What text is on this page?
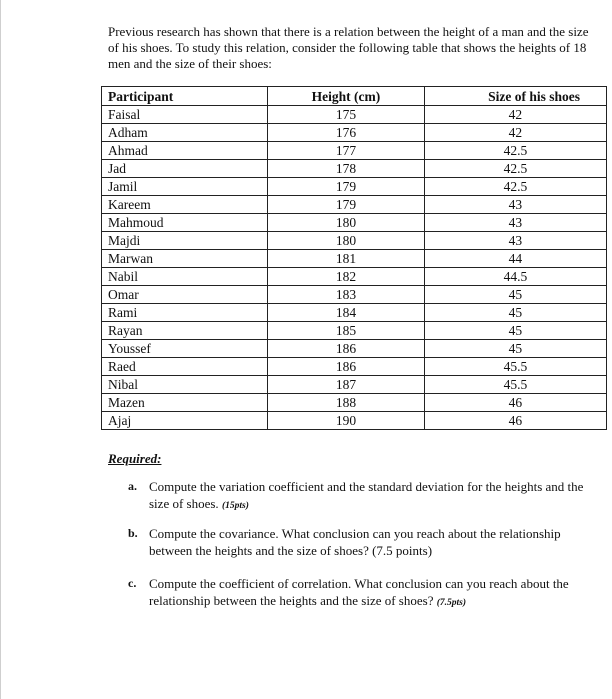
Previous research has shown that there is a relation between the height of a man and the size of his shoes. To study this relation, consider the following table that shows the heights of 18 men and the size of their shoes:
Participant	Height (cm)	Size of his shoes
Faisal	175	42
Adham	176	42
Ahmad	177	42.5
Jad	178	42.5
Jamil	179	42.5
Kareem	179	43
Mahmoud	180	43
Majdi	180	43
Marwan	181	44
Nabil	182	44.5
Omar	183	45
Rami	184	45
Rayan	185	45
Youssef	186	45
Raed	186	45.5
Nibal	187	45.5
Mazen	188	46
Ajaj	190	46
Required:
a. Compute the variation coefficient and the standard deviation for the heights and the size of shoes. (15pts)
b. Compute the covariance. What conclusion can you reach about the relationship between the heights and the size of shoes? (7.5 points)
c. Compute the coefficient of correlation. What conclusion can you reach about the relationship between the heights and the size of shoes? (7.5pts)
